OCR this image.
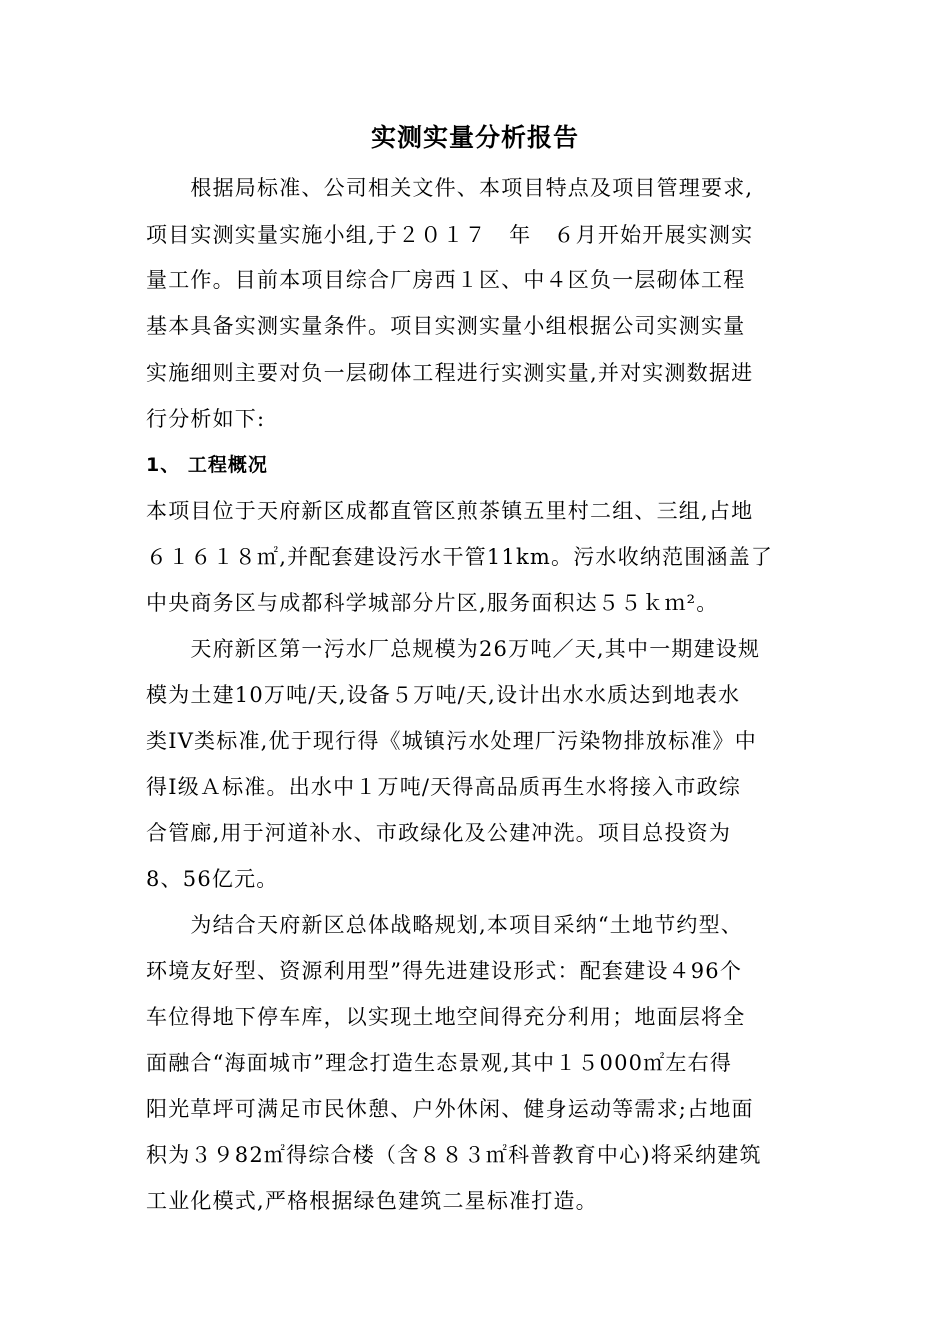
实测实量分析报告
　　根据局标准、公司相关文件、本项目特点及项目管理要求,
项目实测实量实施小组,于２０１７　年　６月开始开展实测实
量工作。目前本项目综合厂房西１区、中４区负一层砌体工程
基本具备实测实量条件。项目实测实量小组根据公司实测实量
实施细则主要对负一层砌体工程进行实测实量,并对实测数据进
行分析如下:
1、 工程概况
本项目位于天府新区成都直管区煎茶镇五里村二组、三组,占地
６１６１８㎡,并配套建设污水干管11km。污水收纳范围涵盖了
中央商务区与成都科学城部分片区,服务面积达５５ｋｍ²。
　　天府新区第一污水厂总规模为26万吨／天,其中一期建设规
模为土建10万吨/天,设备５万吨/天,设计出水水质达到地表水
类IV类标准,优于现行得《城镇污水处理厂污染物排放标准》中
得Ⅰ级Ａ标准。出水中１万吨/天得高品质再生水将接入市政综
合管廊,用于河道补水、市政绿化及公建冲洗。项目总投资为
8、56亿元。
　　为结合天府新区总体战略规划,本项目采纳“土地节约型、
环境友好型、资源利用型”得先进建设形式：配套建设４96个
车位得地下停车库，以实现土地空间得充分利用；地面层将全
面融合“海面城市”理念打造生态景观,其中１５000㎡左右得
阳光草坪可满足市民休憩、户外休闲、健身运动等需求;占地面
积为３９82㎡得综合楼（含８８３㎡科普教育中心)将采纳建筑
工业化模式,严格根据绿色建筑二星标准打造。
